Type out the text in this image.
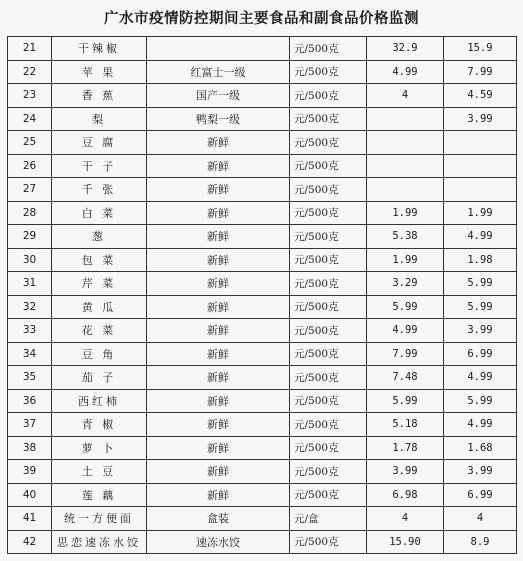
广水市疫情防控期间主要食品和副食品价格监测
21	干辣椒		元/500克	32.9	15.9
22	苹 果	红富士一级	元/500克	4.99	7.99
23	香 蕉	国产一级	元/500克	4	4.59
24	梨	鸭梨一级	元/500克		3.99
25	豆 腐	新鲜	元/500克		
26	干 子	新鲜	元/500克		
27	千 张	新鲜	元/500克		
28	白 菜	新鲜	元/500克	1.99	1.99
29	葱	新鲜	元/500克	5.38	4.99
30	包 菜	新鲜	元/500克	1.99	1.98
31	芹 菜	新鲜	元/500克	3.29	5.99
32	黄 瓜	新鲜	元/500克	5.99	5.99
33	花 菜	新鲜	元/500克	4.99	3.99
34	豆 角	新鲜	元/500克	7.99	6.99
35	茄 子	新鲜	元/500克	7.48	4.99
36	西红柿	新鲜	元/500克	5.99	5.99
37	青 椒	新鲜	元/500克	5.18	4.99
38	萝 卜	新鲜	元/500克	1.78	1.68
39	土 豆	新鲜	元/500克	3.99	3.99
40	莲 藕	新鲜	元/500克	6.98	6.99
41	统一方便面	盒装	元/盒	4	4
42	思恋速冻水饺	速冻水饺	元/500克	15.90	8.9
